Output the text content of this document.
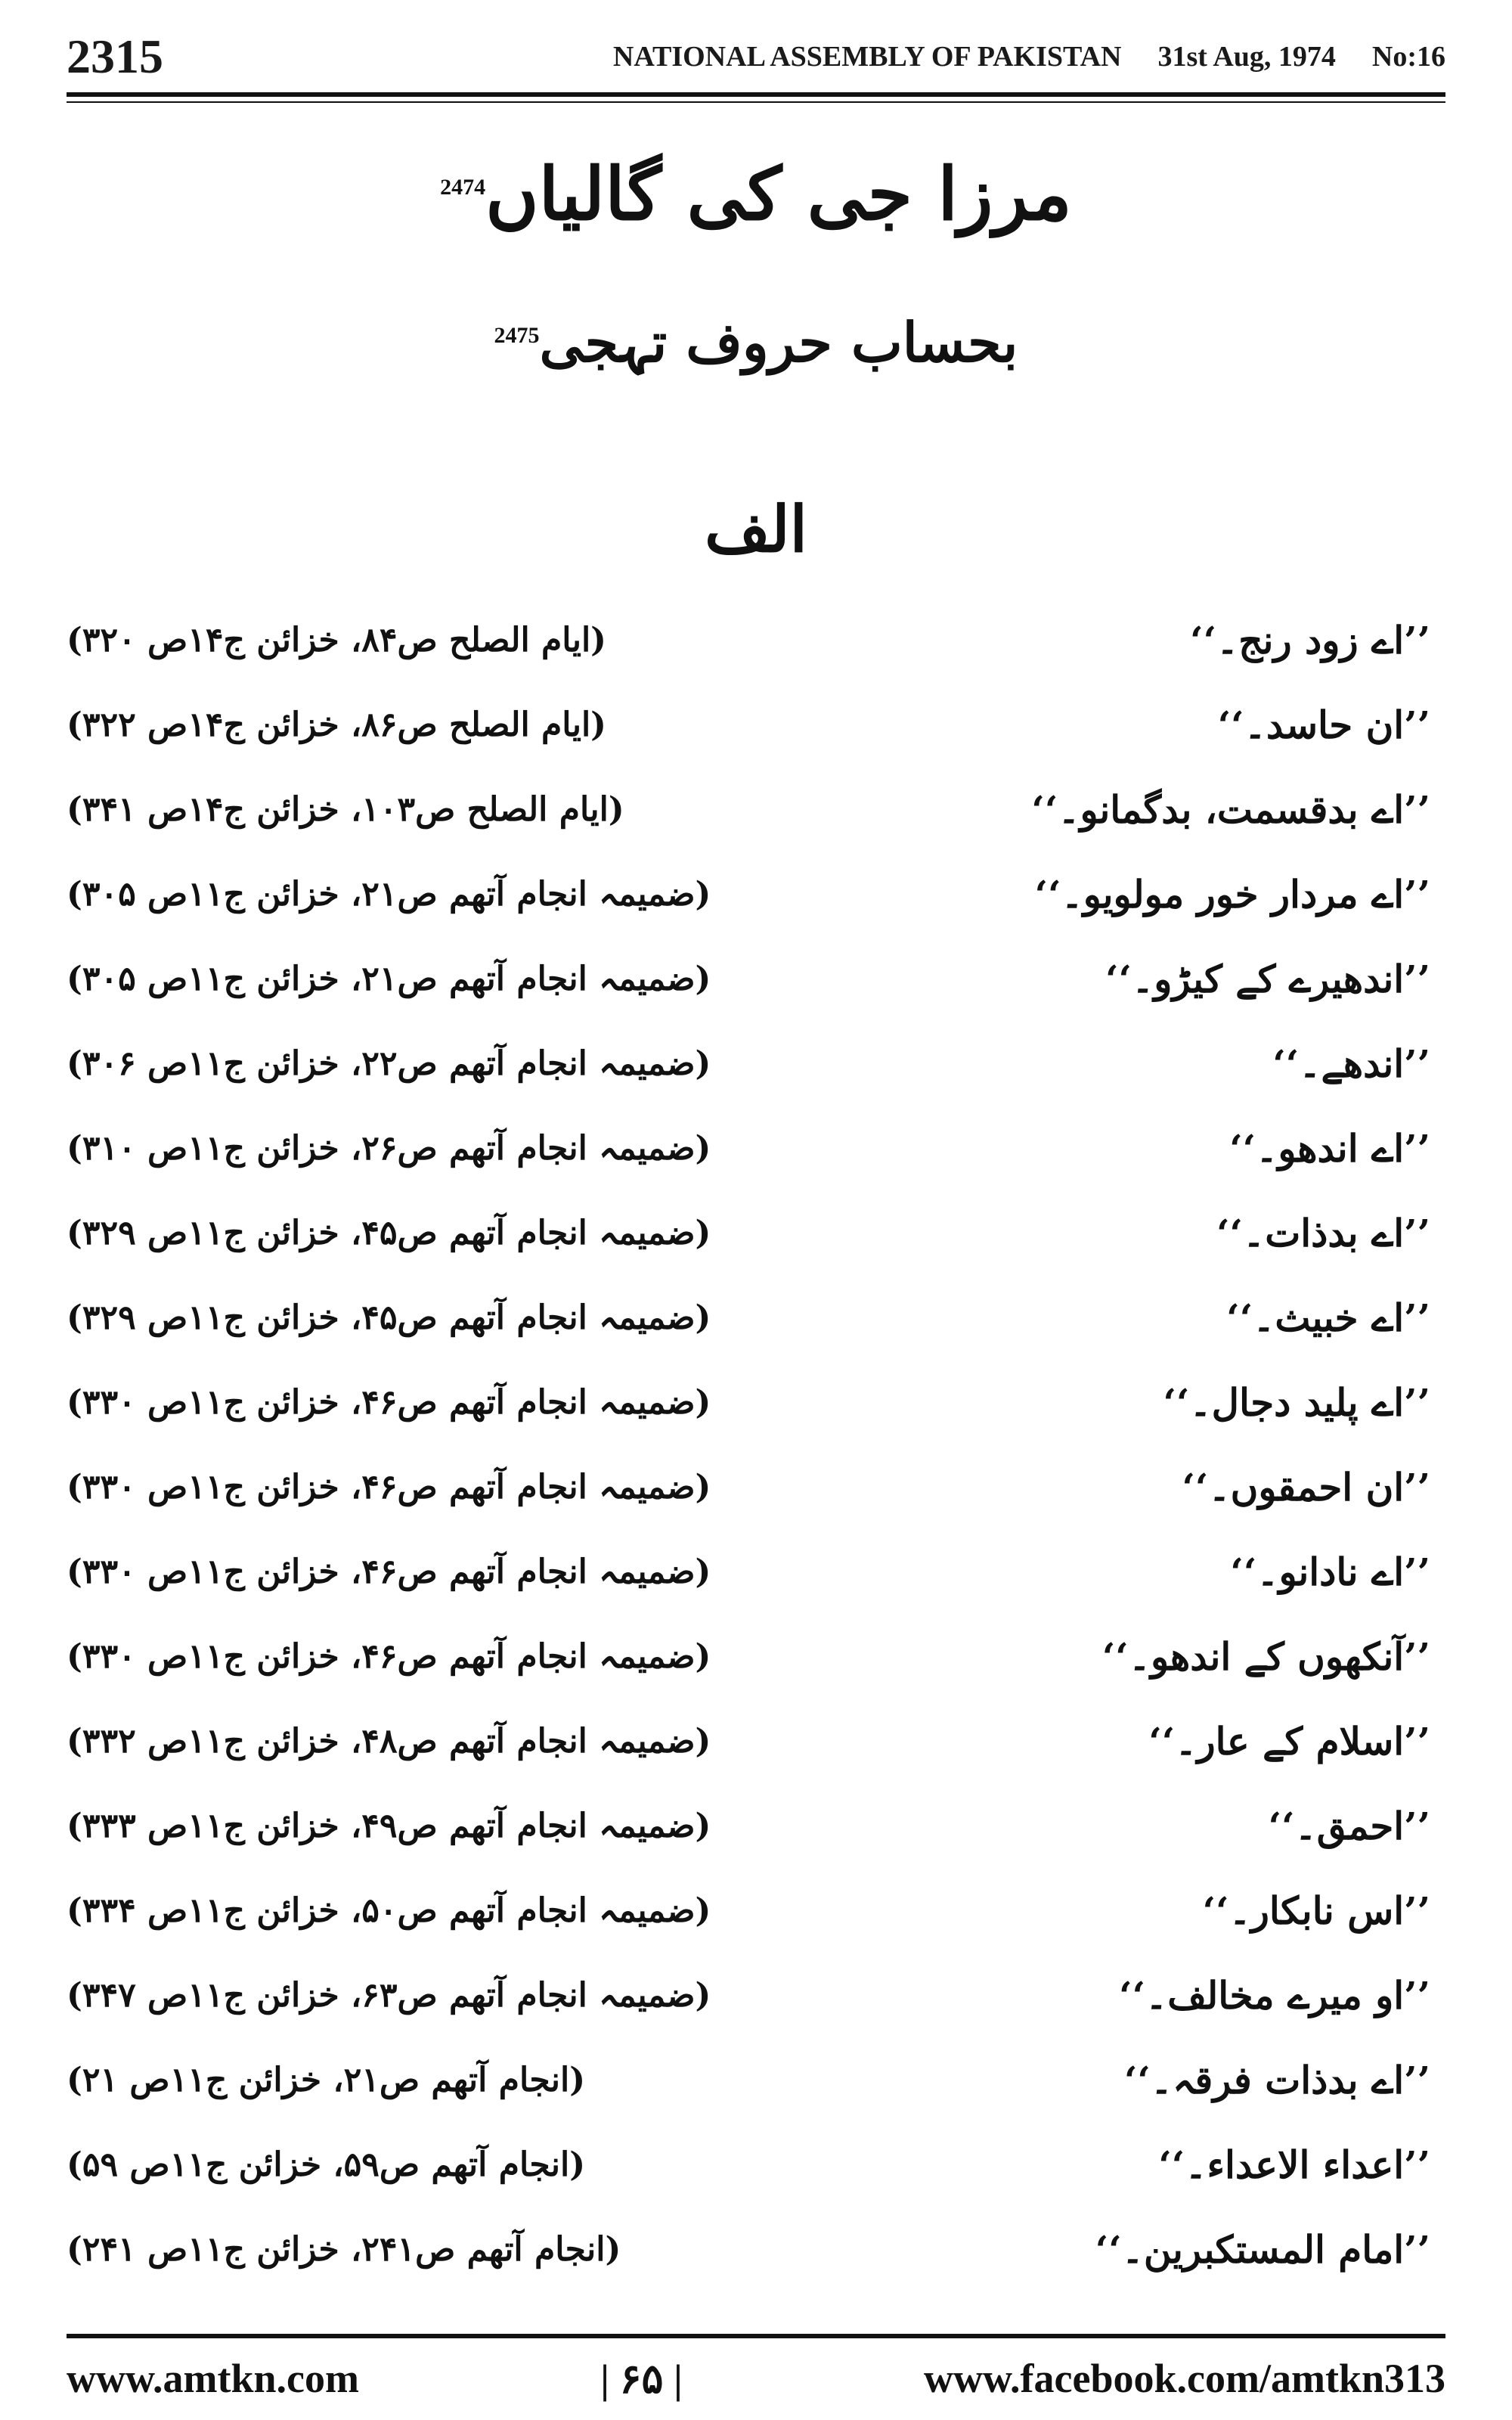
2315	NATIONAL ASSEMBLY OF PAKISTAN 31st Aug, 1974 No:16
مرزا جی کی گالیاں$^{2474}$
بحساب حروف تہجی$^{2475}$
الف
’’اے زود رنج۔‘‘
(ایام الصلح ص۸۴، خزائن ج۱۴ص ۳۲۰)
’’ان حاسد۔‘‘
(ایام الصلح ص۸۶، خزائن ج۱۴ص ۳۲۲)
’’اے بدقسمت، بدگمانو۔‘‘
(ایام الصلح ص۱۰۳، خزائن ج۱۴ص ۳۴۱)
’’اے مردار خور مولویو۔‘‘
(ضمیمہ انجام آتھم ص۲۱، خزائن ج۱۱ص ۳۰۵)
’’اندھیرے کے کیڑو۔‘‘
(ضمیمہ انجام آتھم ص۲۱، خزائن ج۱۱ص ۳۰۵)
’’اندھے۔‘‘
(ضمیمہ انجام آتھم ص۲۲، خزائن ج۱۱ص ۳۰۶)
’’اے اندھو۔‘‘
(ضمیمہ انجام آتھم ص۲۶، خزائن ج۱۱ص ۳۱۰)
’’اے بدذات۔‘‘
(ضمیمہ انجام آتھم ص۴۵، خزائن ج۱۱ص ۳۲۹)
’’اے خبیث۔‘‘
(ضمیمہ انجام آتھم ص۴۵، خزائن ج۱۱ص ۳۲۹)
’’اے پلید دجال۔‘‘
(ضمیمہ انجام آتھم ص۴۶، خزائن ج۱۱ص ۳۳۰)
’’ان احمقوں۔‘‘
(ضمیمہ انجام آتھم ص۴۶، خزائن ج۱۱ص ۳۳۰)
’’اے نادانو۔‘‘
(ضمیمہ انجام آتھم ص۴۶، خزائن ج۱۱ص ۳۳۰)
’’آنکھوں کے اندھو۔‘‘
(ضمیمہ انجام آتھم ص۴۶، خزائن ج۱۱ص ۳۳۰)
’’اسلام کے عار۔‘‘
(ضمیمہ انجام آتھم ص۴۸، خزائن ج۱۱ص ۳۳۲)
’’احمق۔‘‘
(ضمیمہ انجام آتھم ص۴۹، خزائن ج۱۱ص ۳۳۳)
’’اس نابکار۔‘‘
(ضمیمہ انجام آتھم ص۵۰، خزائن ج۱۱ص ۳۳۴)
’’او میرے مخالف۔‘‘
(ضمیمہ انجام آتھم ص۶۳، خزائن ج۱۱ص ۳۴۷)
’’اے بدذات فرقہ۔‘‘
(انجام آتھم ص۲۱، خزائن ج۱۱ص ۲۱)
’’اعداء الاعداء۔‘‘
(انجام آتھم ص۵۹، خزائن ج۱۱ص ۵۹)
’’امام المستکبرین۔‘‘
(انجام آتھم ص۲۴۱، خزائن ج۱۱ص ۲۴۱)
www.amtkn.com	| ۶۵ |	www.facebook.com/amtkn313
